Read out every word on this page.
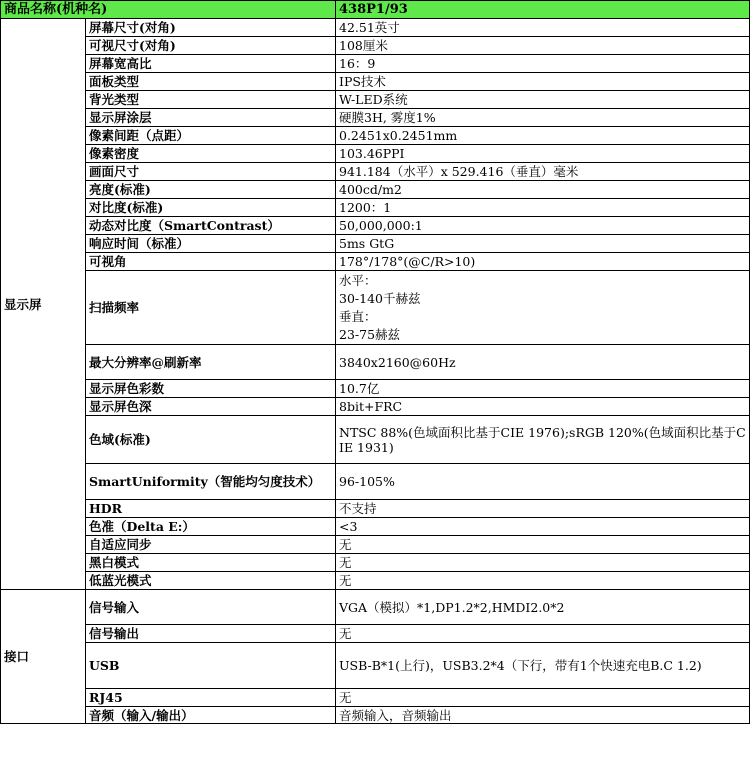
商品名称(机种名)		438P1/93
显示屏	屏幕尺寸(对角)	42.51英寸
	可视尺寸(对角)	108厘米
	屏幕宽高比	16：9
	面板类型	IPS技术
	背光类型	W-LED系统
	显示屏涂层	硬膜3H, 雾度1%
	像素间距（点距）	0.2451x0.2451mm
	像素密度	103.46PPI
	画面尺寸	941.184（水平）x 529.416（垂直）毫米
	亮度(标准)	400cd/m2
	对比度(标准)	1200：1
	动态对比度（SmartContrast）	50,000,000:1
	响应时间（标准）	5ms GtG
	可视角	178°/178°(@C/R>10)
	扫描频率	水平：
30-140千赫兹
垂直：
23-75赫兹

	最大分辨率@刷新率	3840x2160@60Hz
	显示屏色彩数	10.7亿
	显示屏色深	8bit+FRC
	色域(标准)	NTSC 88%(色域面积比基于CIE 1976);sRGB 120%(色域面积比基于CIE 1931)
	SmartUniformity（智能均匀度技术）	96-105%
	HDR	不支持
	色准（Delta E:）	<3
	自适应同步	无
	黑白模式	无
	低蓝光模式	无
接口	信号输入	VGA（模拟）*1,DP1.2*2,HMDI2.0*2
	信号输出	无
	USB	USB-B*1(上行)，USB3.2*4（下行，带有1个快速充电B.C 1.2)
	RJ45	无
	音频（输入/输出）	音频输入，音频输出
